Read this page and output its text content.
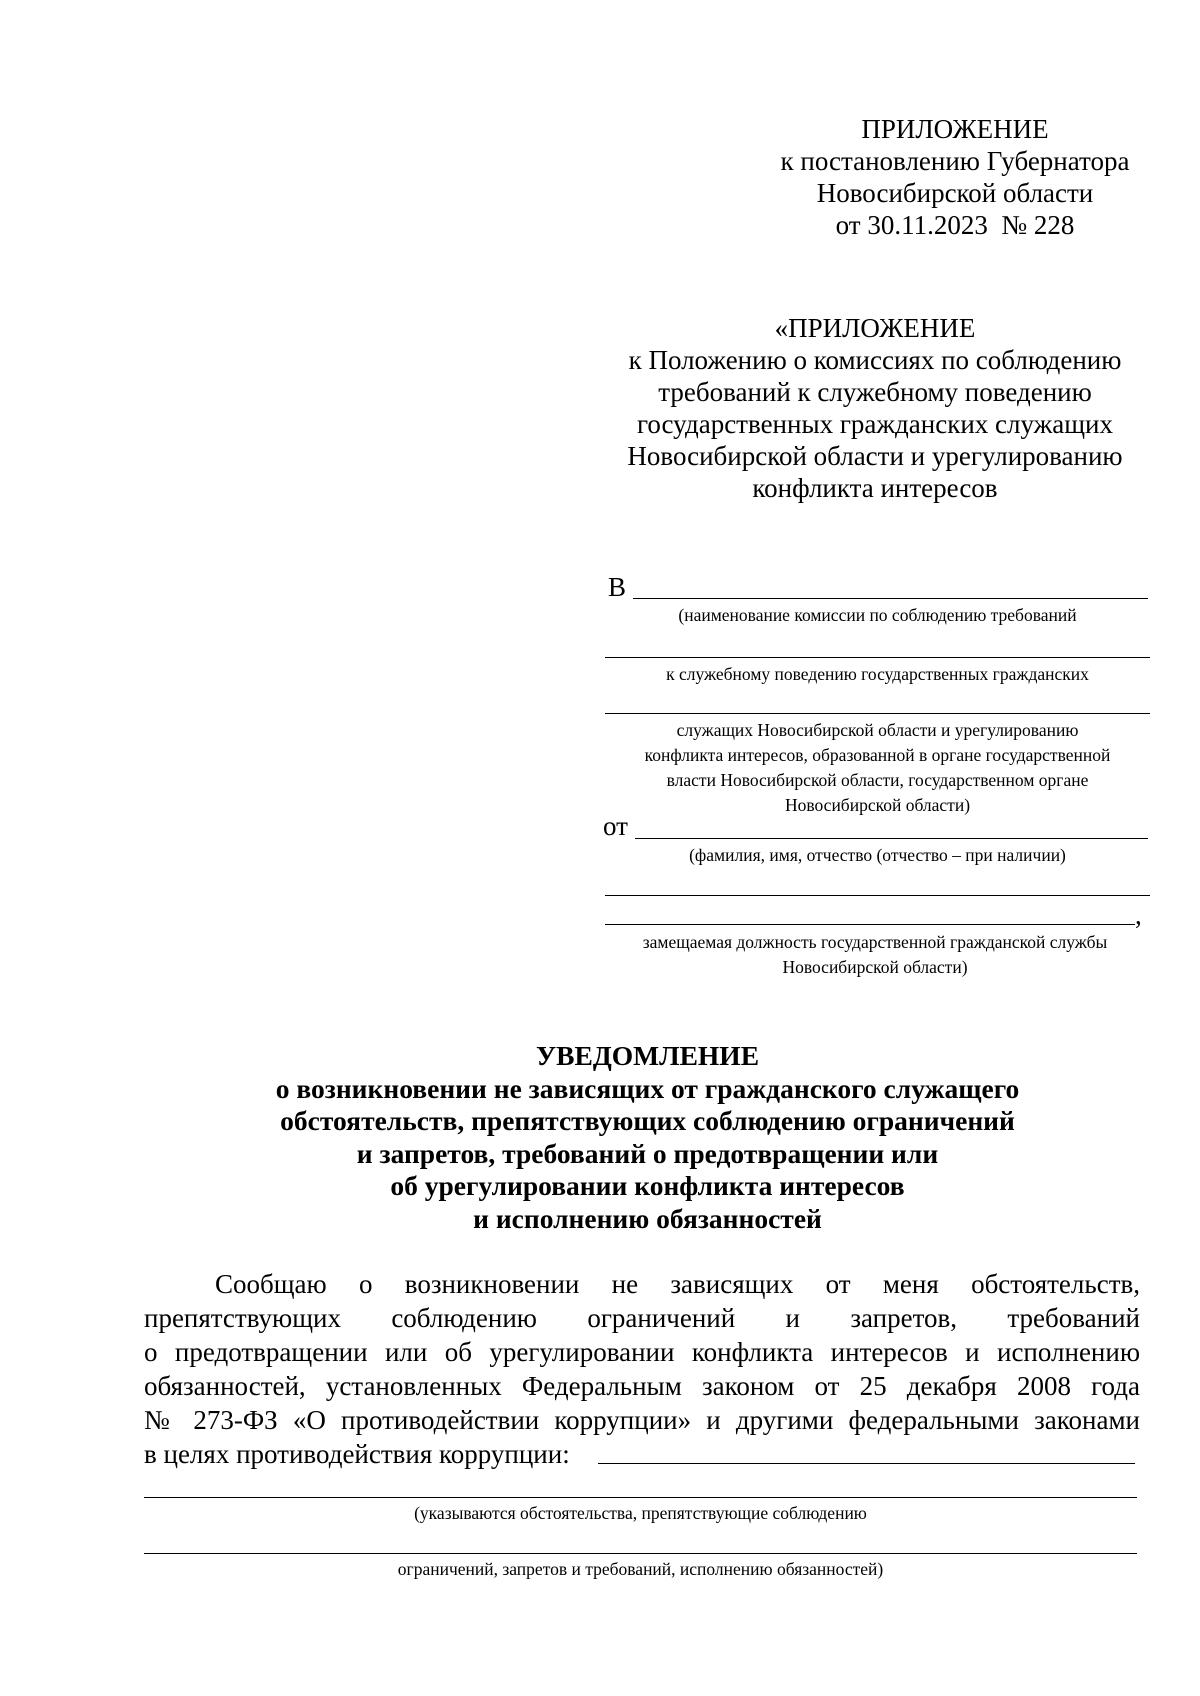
ПРИЛОЖЕНИЕ
к постановлению Губернатора
Новосибирской области
от 30.11.2023  № 228
«ПРИЛОЖЕНИЕ
к Положению о комиссиях по соблюдению
требований к служебному поведению
государственных гражданских служащих
Новосибирской области и урегулированию
конфликта интересов
В
(наименование комиссии по соблюдению требований
к служебному поведению государственных гражданских
служащих Новосибирской области и урегулированию
конфликта интересов, образованной в органе государственной
власти Новосибирской области, государственном органе
Новосибирской области)
от
(фамилия, имя, отчество (отчество – при наличии)
,
замещаемая должность государственной гражданской службы
Новосибирской области)
УВЕДОМЛЕНИЕ
о возникновении не зависящих от гражданского служащего
обстоятельств, препятствующих соблюдению ограничений
и запретов, требований о предотвращении или
об урегулировании конфликта интересов
и исполнению обязанностей
Сообщаю о возникновении не зависящих от меня обстоятельств,
препятствующих соблюдению ограничений и запретов, требований
о предотвращении или об урегулировании конфликта интересов и исполнению
обязанностей, установленных Федеральным законом от 25 декабря 2008 года
№ 273-ФЗ «О противодействии коррупции» и другими федеральными законами
в целях противодействия коррупции:
(указываются обстоятельства, препятствующие соблюдению
ограничений, запретов и требований, исполнению обязанностей)
